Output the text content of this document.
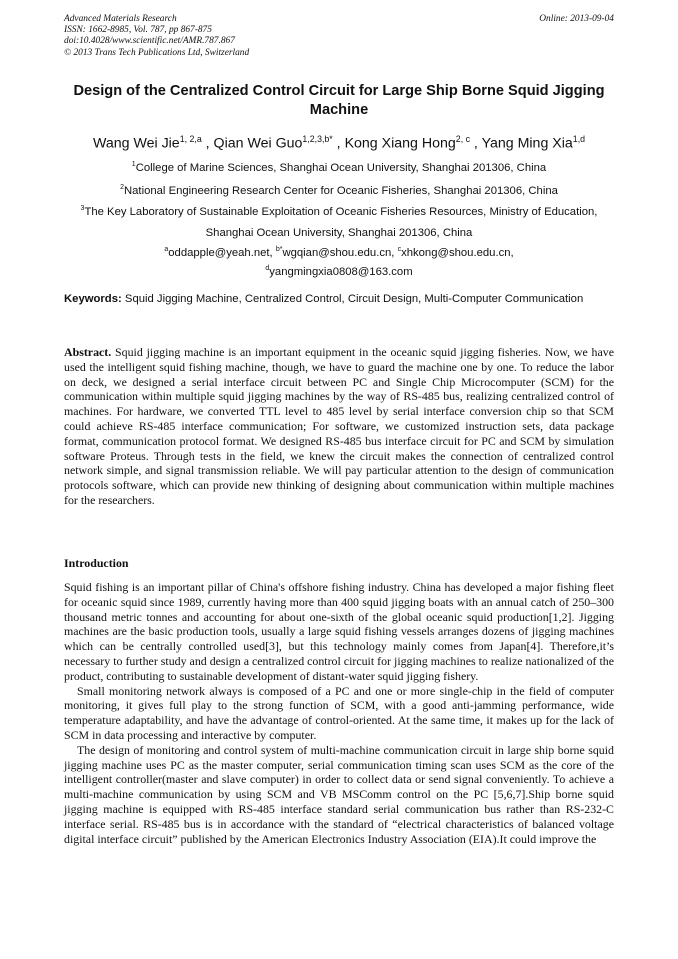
Advanced Materials Research
ISSN: 1662-8985, Vol. 787, pp 867-875
doi:10.4028/www.scientific.net/AMR.787.867
© 2013 Trans Tech Publications Ltd, Switzerland
Online: 2013-09-04
Design of the Centralized Control Circuit for Large Ship Borne Squid Jigging Machine
Wang Wei Jie$^{1, 2,a}$ , Qian Wei Guo$^{1,2,3,b*}$ , Kong Xiang Hong$^{2, c}$ , Yang Ming Xia$^{1,d}$
$^1$College of Marine Sciences, Shanghai Ocean University, Shanghai 201306, China
$^2$National Engineering Research Center for Oceanic Fisheries, Shanghai 201306, China
$^3$The Key Laboratory of Sustainable Exploitation of Oceanic Fisheries Resources, Ministry of Education, Shanghai Ocean University, Shanghai 201306, China
$^a$oddapple@yeah.net, $^{b*}$wgqian@shou.edu.cn, $^c$xhkong@shou.edu.cn,
$^d$yangmingxia0808@163.com
Keywords: Squid Jigging Machine, Centralized Control, Circuit Design, Multi-Computer Communication
Abstract. Squid jigging machine is an important equipment in the oceanic squid jigging fisheries. Now, we have used the intelligent squid fishing machine, though, we have to guard the machine one by one. To reduce the labor on deck, we designed a serial interface circuit between PC and Single Chip Microcomputer (SCM) for the communication within multiple squid jigging machines by the way of RS-485 bus, realizing centralized control of machines. For hardware, we converted TTL level to 485 level by serial interface conversion chip so that SCM could achieve RS-485 interface communication; For software, we customized instruction sets, data package format, communication protocol format. We designed RS-485 bus interface circuit for PC and SCM by simulation software Proteus. Through tests in the field, we knew the circuit makes the connection of centralized control network simple, and signal transmission reliable. We will pay particular attention to the design of communication protocols software, which can provide new thinking of designing about communication within multiple machines for the researchers.
Introduction

Squid fishing is an important pillar of China's offshore fishing industry. China has developed a major fishing fleet for oceanic squid since 1989, currently having more than 400 squid jigging boats with an annual catch of 250–300 thousand metric tonnes and accounting for about one-sixth of the global oceanic squid production[1,2]. Jigging machines are the basic production tools, usually a large squid fishing vessels arranges dozens of jigging machines which can be centrally controlled used[3], but this technology mainly comes from Japan[4]. Therefore,it’s necessary to further study and design a centralized control circuit for jigging machines to realize nationalized of the product, contributing to sustainable development of distant-water squid jigging fishery.

Small monitoring network always is composed of a PC and one or more single-chip in the field of computer monitoring, it gives full play to the strong function of SCM, with a good anti-jamming performance, wide temperature adaptability, and have the advantage of control-oriented. At the same time, it makes up for the lack of SCM in data processing and interactive by computer.

The design of monitoring and control system of multi-machine communication circuit in large ship borne squid jigging machine uses PC as the master computer, serial communication timing scan uses SCM as the core of the intelligent controller(master and slave computer) in order to collect data or send signal conveniently. To achieve a multi-machine communication by using SCM and VB MSComm control on the PC [5,6,7].Ship borne squid jigging machine is equipped with RS-485 interface standard serial communication bus rather than RS-232-C interface serial. RS-485 bus is in accordance with the standard of “electrical characteristics of balanced voltage digital interface circuit” published by the American Electronics Industry Association (EIA).It could improve the
